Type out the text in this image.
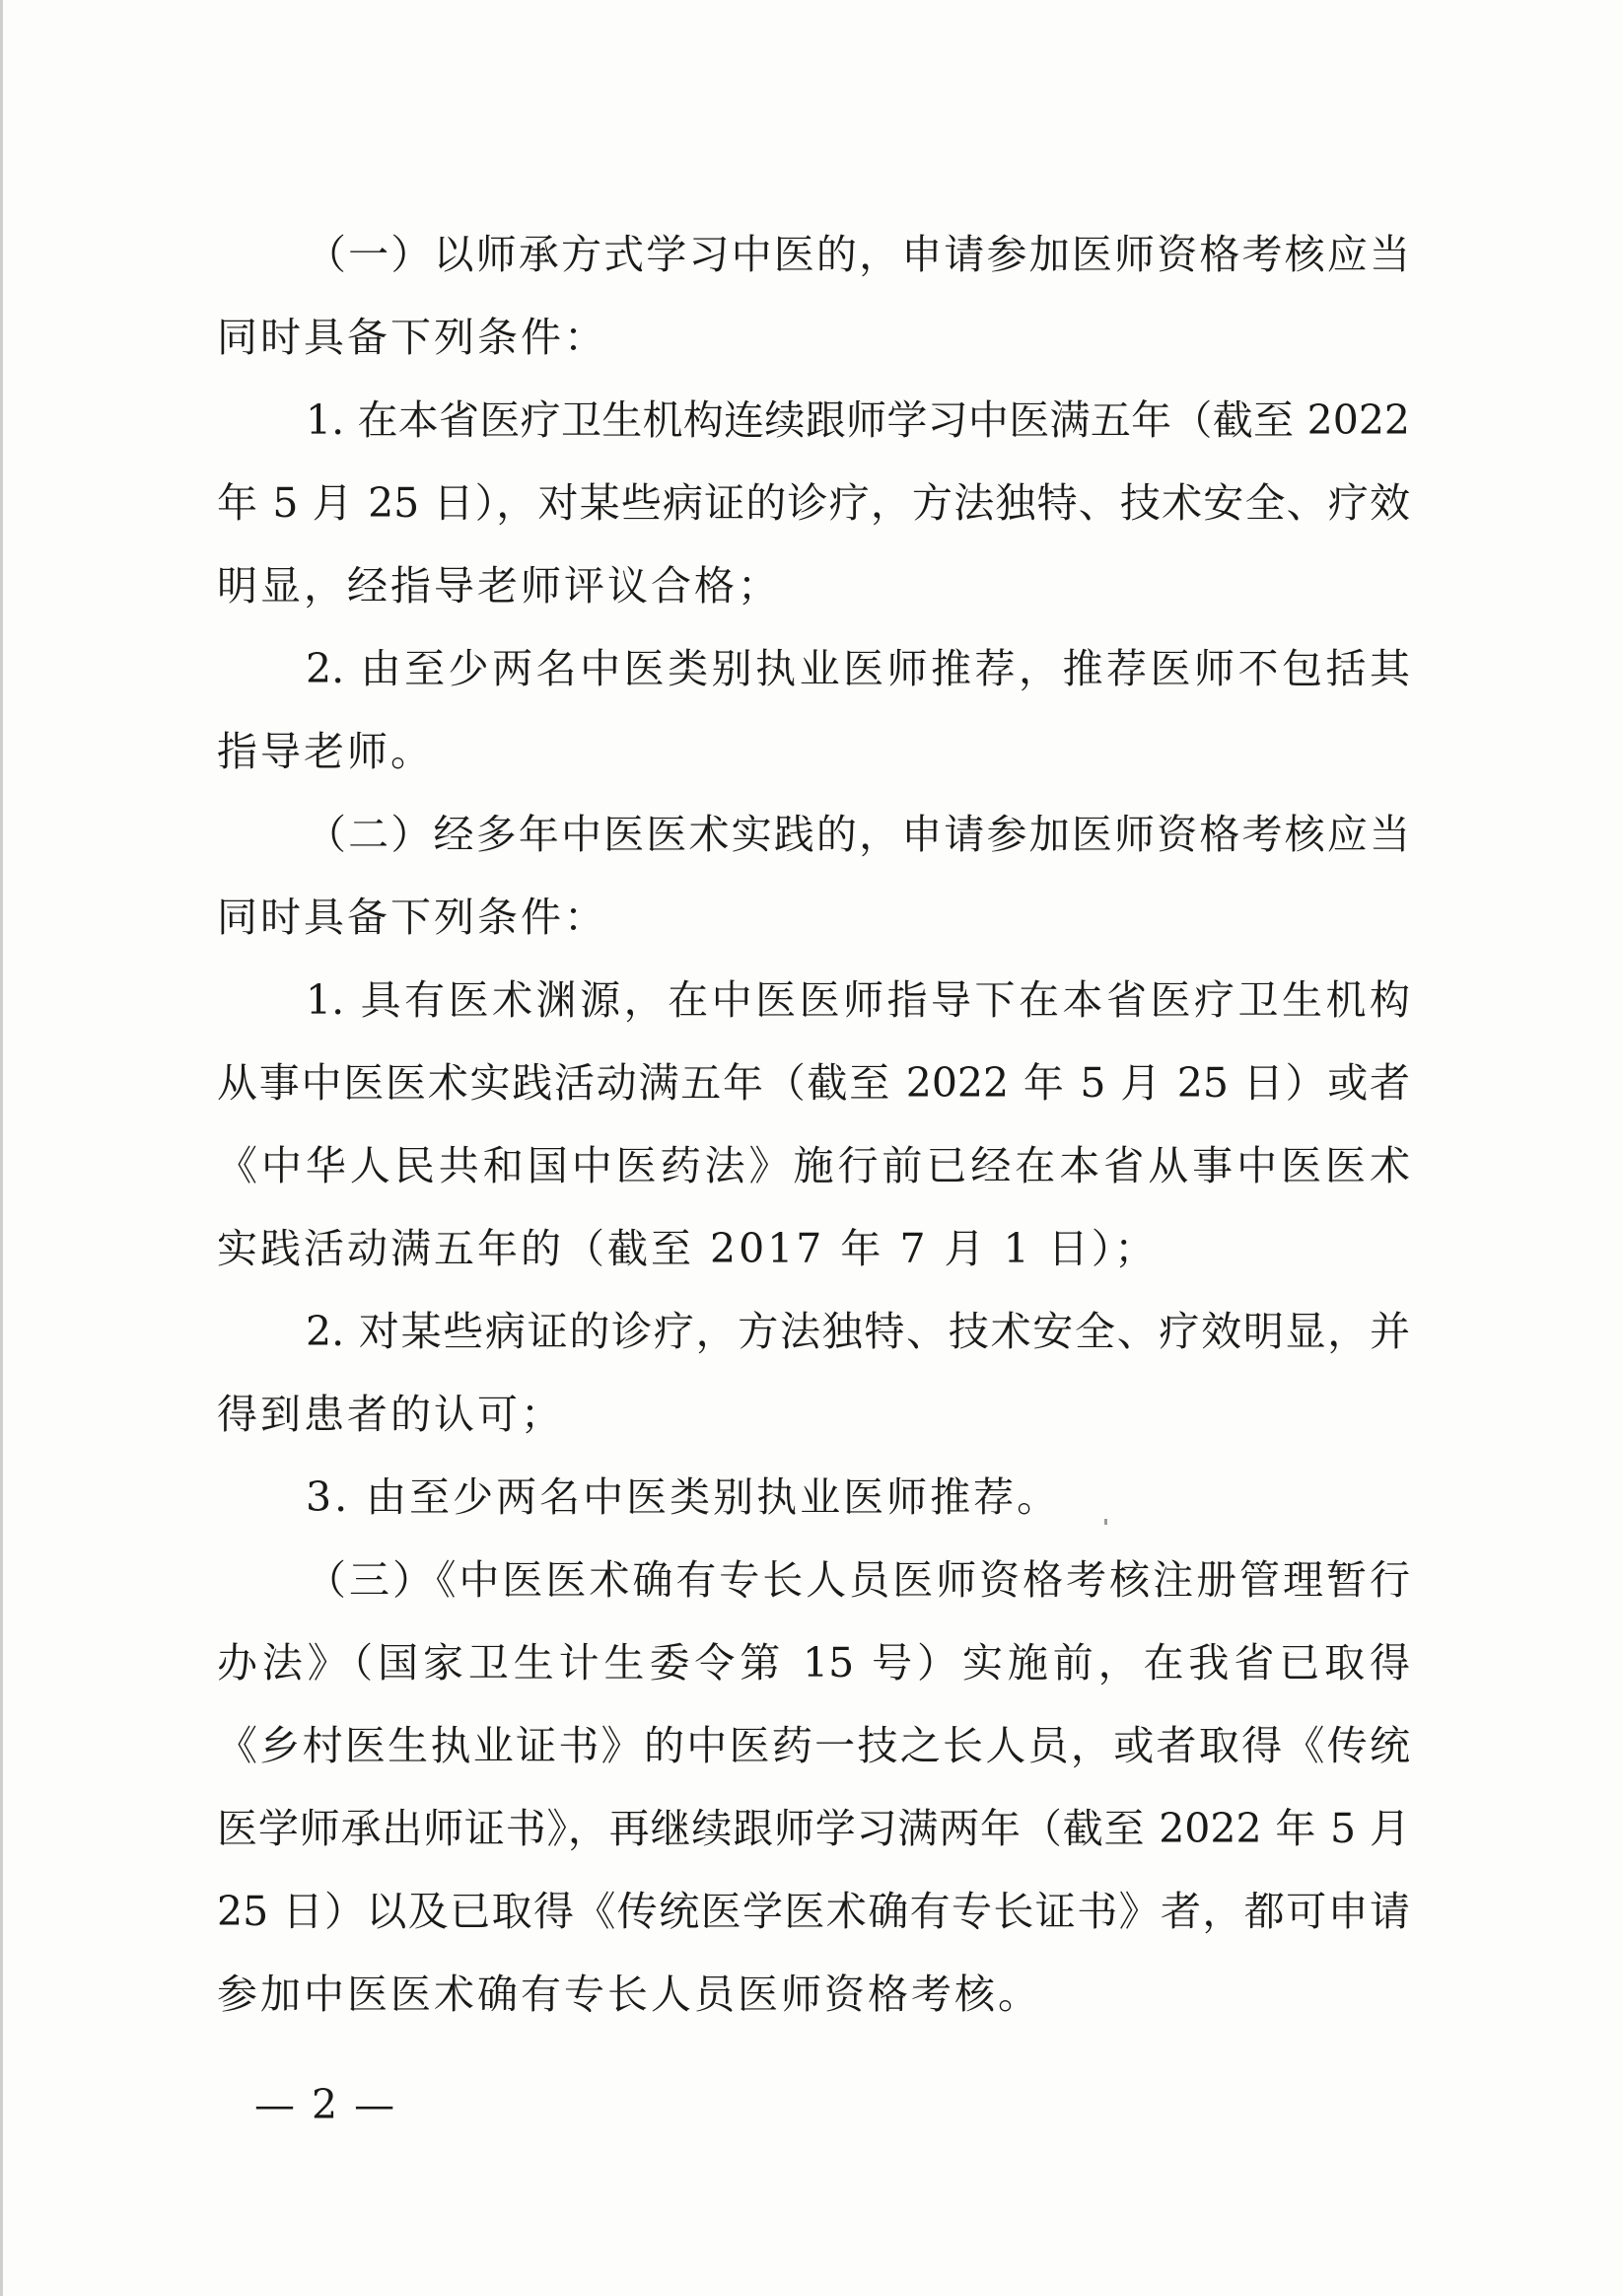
（一）以师承方式学习中医的，申请参加医师资格考核应当
同时具备下列条件：
1. 在本省医疗卫生机构连续跟师学习中医满五年（截至 2022
年 5 月 25 日），对某些病证的诊疗，方法独特、技术安全、疗效
明显，经指导老师评议合格；
2. 由至少两名中医类别执业医师推荐，推荐医师不包括其
指导老师。
（二）经多年中医医术实践的，申请参加医师资格考核应当
同时具备下列条件：
1. 具有医术渊源，在中医医师指导下在本省医疗卫生机构
从事中医医术实践活动满五年（截至 2022 年 5 月 25 日）或者
《中华人民共和国中医药法》施行前已经在本省从事中医医术
实践活动满五年的（截至 2017 年 7 月 1 日）；
2. 对某些病证的诊疗，方法独特、技术安全、疗效明显，并
得到患者的认可；
3. 由至少两名中医类别执业医师推荐。
（三）《中医医术确有专长人员医师资格考核注册管理暂行
办法》（国家卫生计生委令第 15 号）实施前，在我省已取得
《乡村医生执业证书》的中医药一技之长人员，或者取得《传统
医学师承出师证书》，再继续跟师学习满两年（截至 2022 年 5 月
25 日）以及已取得《传统医学医术确有专长证书》者，都可申请
参加中医医术确有专长人员医师资格考核。
— 2 —
